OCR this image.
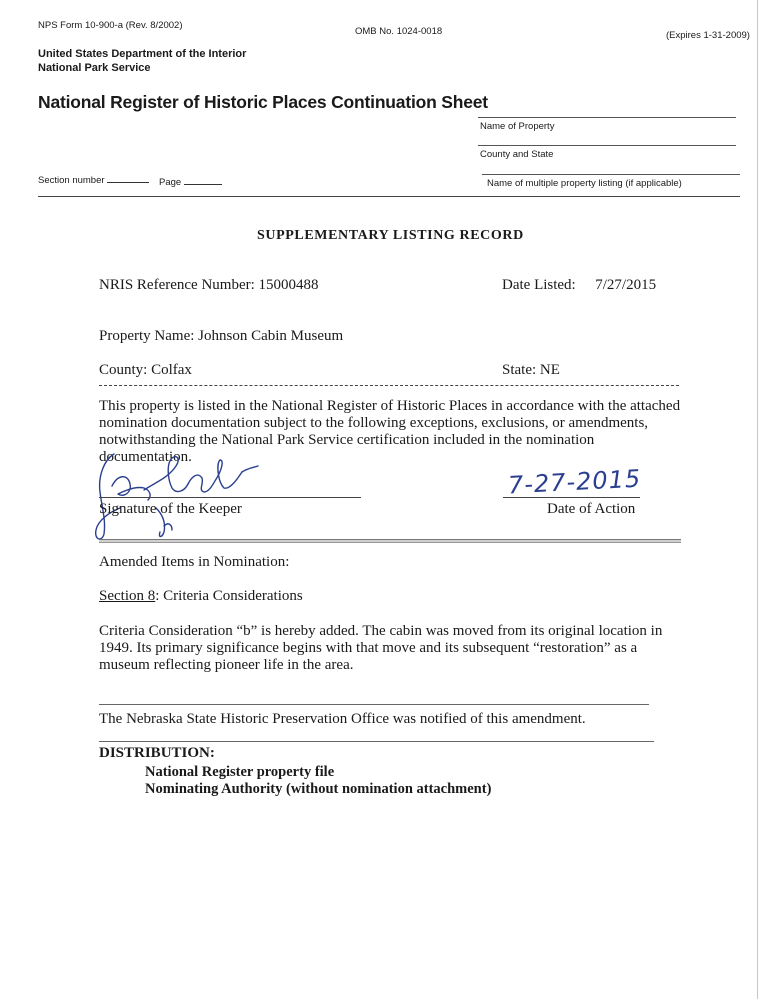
NPS Form 10-900-a (Rev. 8/2002)
OMB No. 1024-0018	(Expires 1-31-2009)
United States Department of the Interior
National Park Service
National Register of Historic Places Continuation Sheet
Name of Property
County and State
Section number	Page	Name of multiple property listing (if applicable)
SUPPLEMENTARY LISTING RECORD
NRIS Reference Number: 15000488	Date Listed: 7/27/2015
Property Name: Johnson Cabin Museum
County: Colfax	State: NE
This property is listed in the National Register of Historic Places in accordance with the attached nomination documentation subject to the following exceptions, exclusions, or amendments, notwithstanding the National Park Service certification included in the nomination documentation.
Signature of the Keeper
7-27-2015
Date of Action
Amended Items in Nomination:
Section 8: Criteria Considerations
Criteria Consideration “b” is hereby added. The cabin was moved from its original location in 1949. Its primary significance begins with that move and its subsequent “restoration” as a museum reflecting pioneer life in the area.
The Nebraska State Historic Preservation Office was notified of this amendment.
DISTRIBUTION:
National Register property file
Nominating Authority (without nomination attachment)
